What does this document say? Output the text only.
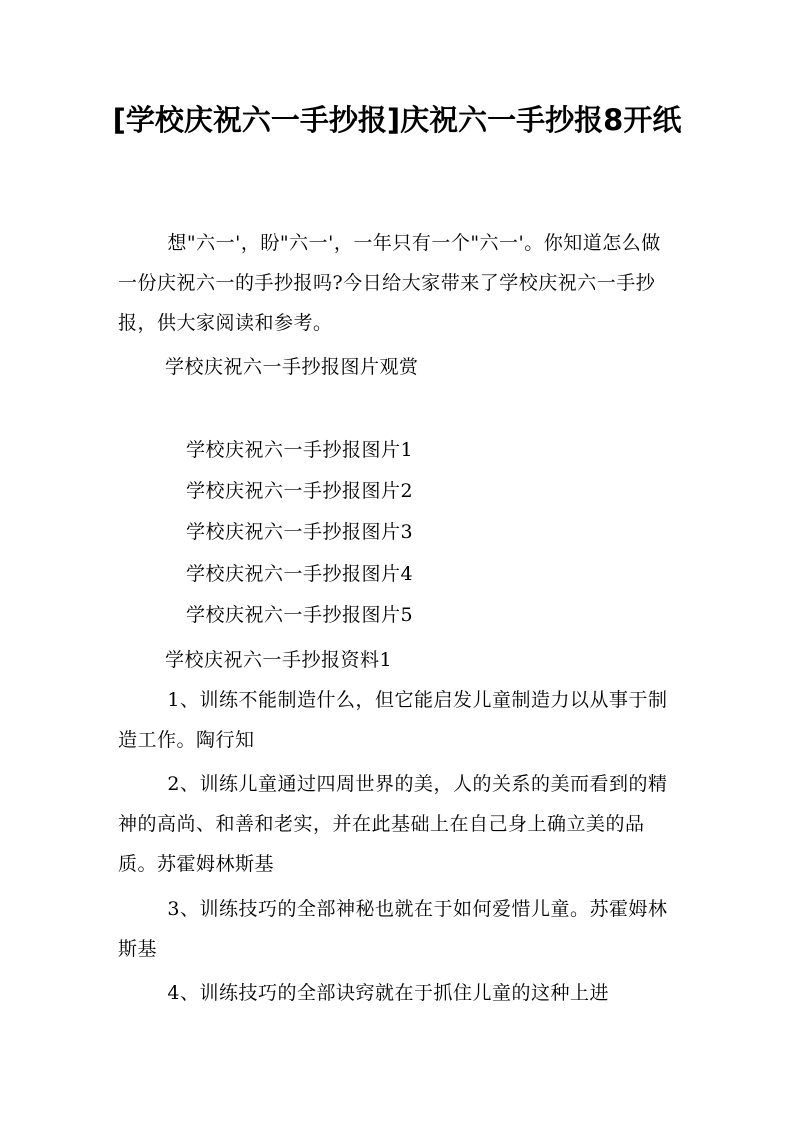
[学校庆祝六一手抄报]庆祝六一手抄报8开纸

想"六一'，盼"六一'，一年只有一个"六一'。你知道怎么做一份庆祝六一的手抄报吗?今日给大家带来了学校庆祝六一手抄报，供大家阅读和参考。

学校庆祝六一手抄报图片观赏

学校庆祝六一手抄报图片1

学校庆祝六一手抄报图片2

学校庆祝六一手抄报图片3

学校庆祝六一手抄报图片4

学校庆祝六一手抄报图片5

学校庆祝六一手抄报资料1

1、训练不能制造什么，但它能启发儿童制造力以从事于制造工作。陶行知

2、训练儿童通过四周世界的美，人的关系的美而看到的精神的高尚、和善和老实，并在此基础上在自己身上确立美的品质。苏霍姆林斯基

3、训练技巧的全部神秘也就在于如何爱惜儿童。苏霍姆林斯基

4、训练技巧的全部诀窍就在于抓住儿童的这种上进
